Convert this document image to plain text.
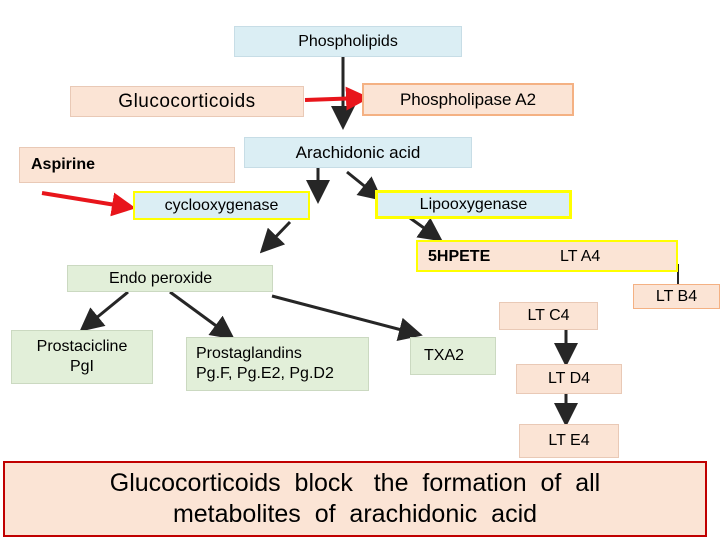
Phospholipids
Glucocorticoids	Phospholipase A2
Arachidonic acid
Aspirine
cyclooxygenase	Lipooxygenase
5HPETE	LT A4
Endo peroxide
LT B4
LT C4
Prostacicline
PgI
Prostaglandins
Pg.F, Pg.E2, Pg.D2
TXA2
LT D4
LT E4
Glucocorticoids  block   the  formation  of  all
metabolites  of  arachidonic  acid
